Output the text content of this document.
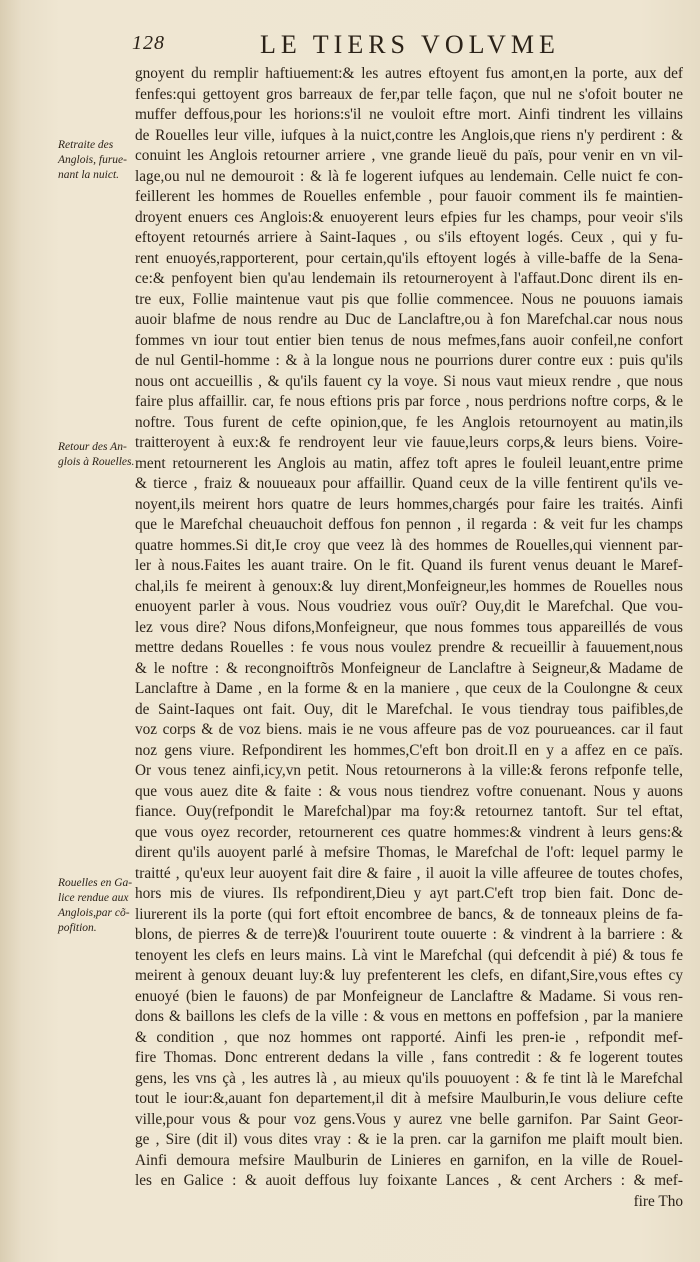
128	LE TIERS VOLVME
Retraite des
Anglois, furue-
nant la nuict.
Retour des An-
glois à Rouelles.
Rouelles en Ga-
lice rendue aux
Anglois,par cõ-
pofition.
gnoyent du remplir haftiuement:& les autres eftoyent fus amont,en la porte, aux def
fenfes:qui gettoyent gros barreaux de fer,par telle façon, que nul ne s'ofoit bouter ne
muffer deffous,pour les horions:s'il ne vouloit eftre mort. Ainfi tindrent les villains
de Rouelles leur ville, iufques à la nuict,contre les Anglois,que riens n'y perdirent : &
conuint les Anglois retourner arriere , vne grande lieuë du païs, pour venir en vn vil-
lage,ou nul ne demouroit : & là fe logerent iufques au lendemain. Celle nuict fe con-
feillerent les hommes de Rouelles enfemble , pour fauoir comment ils fe maintien-
droyent enuers ces Anglois:& enuoyerent leurs efpies fur les champs, pour veoir s'ils
eftoyent retournés arriere à Saint-Iaques , ou s'ils eftoyent logés. Ceux , qui y fu-
rent enuoyés,rapporterent, pour certain,qu'ils eftoyent logés à ville-baffe de la Sena-
ce:& penfoyent bien qu'au lendemain ils retourneroyent à l'affaut.Donc dirent ils en-
tre eux, Follie maintenue vaut pis que follie commencee. Nous ne pouuons iamais
auoir blafme de nous rendre au Duc de Lanclaftre,ou à fon Marefchal.car nous nous
fommes vn iour tout entier bien tenus de nous mefmes,fans auoir confeil,ne confort
de nul Gentil-homme : & à la longue nous ne pourrions durer contre eux : puis qu'ils
nous ont accueillis , & qu'ils fauent cy la voye. Si nous vaut mieux rendre , que nous
faire plus affaillir. car, fe nous eftions pris par force , nous perdrions noftre corps, & le
noftre. Tous furent de cefte opinion,que, fe les Anglois retournoyent au matin,ils
traitteroyent à eux:& fe rendroyent leur vie fauue,leurs corps,& leurs biens. Voire-
ment retournerent les Anglois au matin, affez toft apres le fouleil leuant,entre prime
& tierce , fraiz & nouueaux pour affaillir. Quand ceux de la ville fentirent qu'ils ve-
noyent,ils meirent hors quatre de leurs hommes,chargés pour faire les traités. Ainfi
que le Marefchal cheuauchoit deffous fon pennon , il regarda : & veit fur les champs
quatre hommes.Si dit,Ie croy que veez là des hommes de Rouelles,qui viennent par-
ler à nous.Faites les auant traire. On le fit. Quand ils furent venus deuant le Maref-
chal,ils fe meirent à genoux:& luy dirent,Monfeigneur,les hommes de Rouelles nous
enuoyent parler à vous. Nous voudriez vous ouïr? Ouy,dit le Marefchal. Que vou-
lez vous dire? Nous difons,Monfeigneur, que nous fommes tous appareillés de vous
mettre dedans Rouelles : fe vous nous voulez prendre & recueillir à fauuement,nous
& le noftre : & recongnoiftrõs Monfeigneur de Lanclaftre à Seigneur,& Madame de
Lanclaftre à Dame , en la forme & en la maniere , que ceux de la Coulongne & ceux
de Saint-Iaques ont fait. Ouy, dit le Marefchal. Ie vous tiendray tous paifibles,de
voz corps & de voz biens. mais ie ne vous affeure pas de voz pourueances. car il faut
noz gens viure. Refpondirent les hommes,C'eft bon droit.Il en y a affez en ce païs.
Or vous tenez ainfi,icy,vn petit. Nous retournerons à la ville:& ferons refponfe telle,
que vous auez dite & faite : & vous nous tiendrez voftre conuenant. Nous y auons
fiance. Ouy(refpondit le Marefchal)par ma foy:& retournez tantoft. Sur tel eftat,
que vous oyez recorder, retournerent ces quatre hommes:& vindrent à leurs gens:&
dirent qu'ils auoyent parlé à mefsire Thomas, le Marefchal de l'oft: lequel parmy le
traitté , qu'eux leur auoyent fait dire & faire , il auoit la ville affeuree de toutes chofes,
hors mis de viures. Ils refpondirent,Dieu y ayt part.C'eft trop bien fait. Donc de-
liurerent ils la porte (qui fort eftoit encombree de bancs, & de tonneaux pleins de fa-
blons, de pierres & de terre)& l'ouurirent toute ouuerte : & vindrent à la barriere : &
tenoyent les clefs en leurs mains. Là vint le Marefchal (qui defcendit à pié) & tous fe
meirent à genoux deuant luy:& luy prefenterent les clefs, en difant,Sire,vous eftes cy
enuoyé (bien le fauons) de par Monfeigneur de Lanclaftre & Madame. Si vous ren-
dons & baillons les clefs de la ville : & vous en mettons en poffefsion , par la maniere
& condition , que noz hommes ont rapporté. Ainfi les pren-ie , refpondit mef-
fire Thomas. Donc entrerent dedans la ville , fans contredit : & fe logerent toutes
gens, les vns çà , les autres là , au mieux qu'ils pouuoyent : & fe tint là le Marefchal
tout le iour:&,auant fon departement,il dit à mefsire Maulburin,Ie vous deliure cefte
ville,pour vous & pour voz gens.Vous y aurez vne belle garnifon. Par Saint Geor-
ge , Sire (dit il) vous dites vray : & ie la pren. car la garnifon me plaift moult bien.
Ainfi demoura mefsire Maulburin de Linieres en garnifon, en la ville de Rouel-
les en Galice : & auoit deffous luy foixante Lances , & cent Archers : & mef-
fire Tho
